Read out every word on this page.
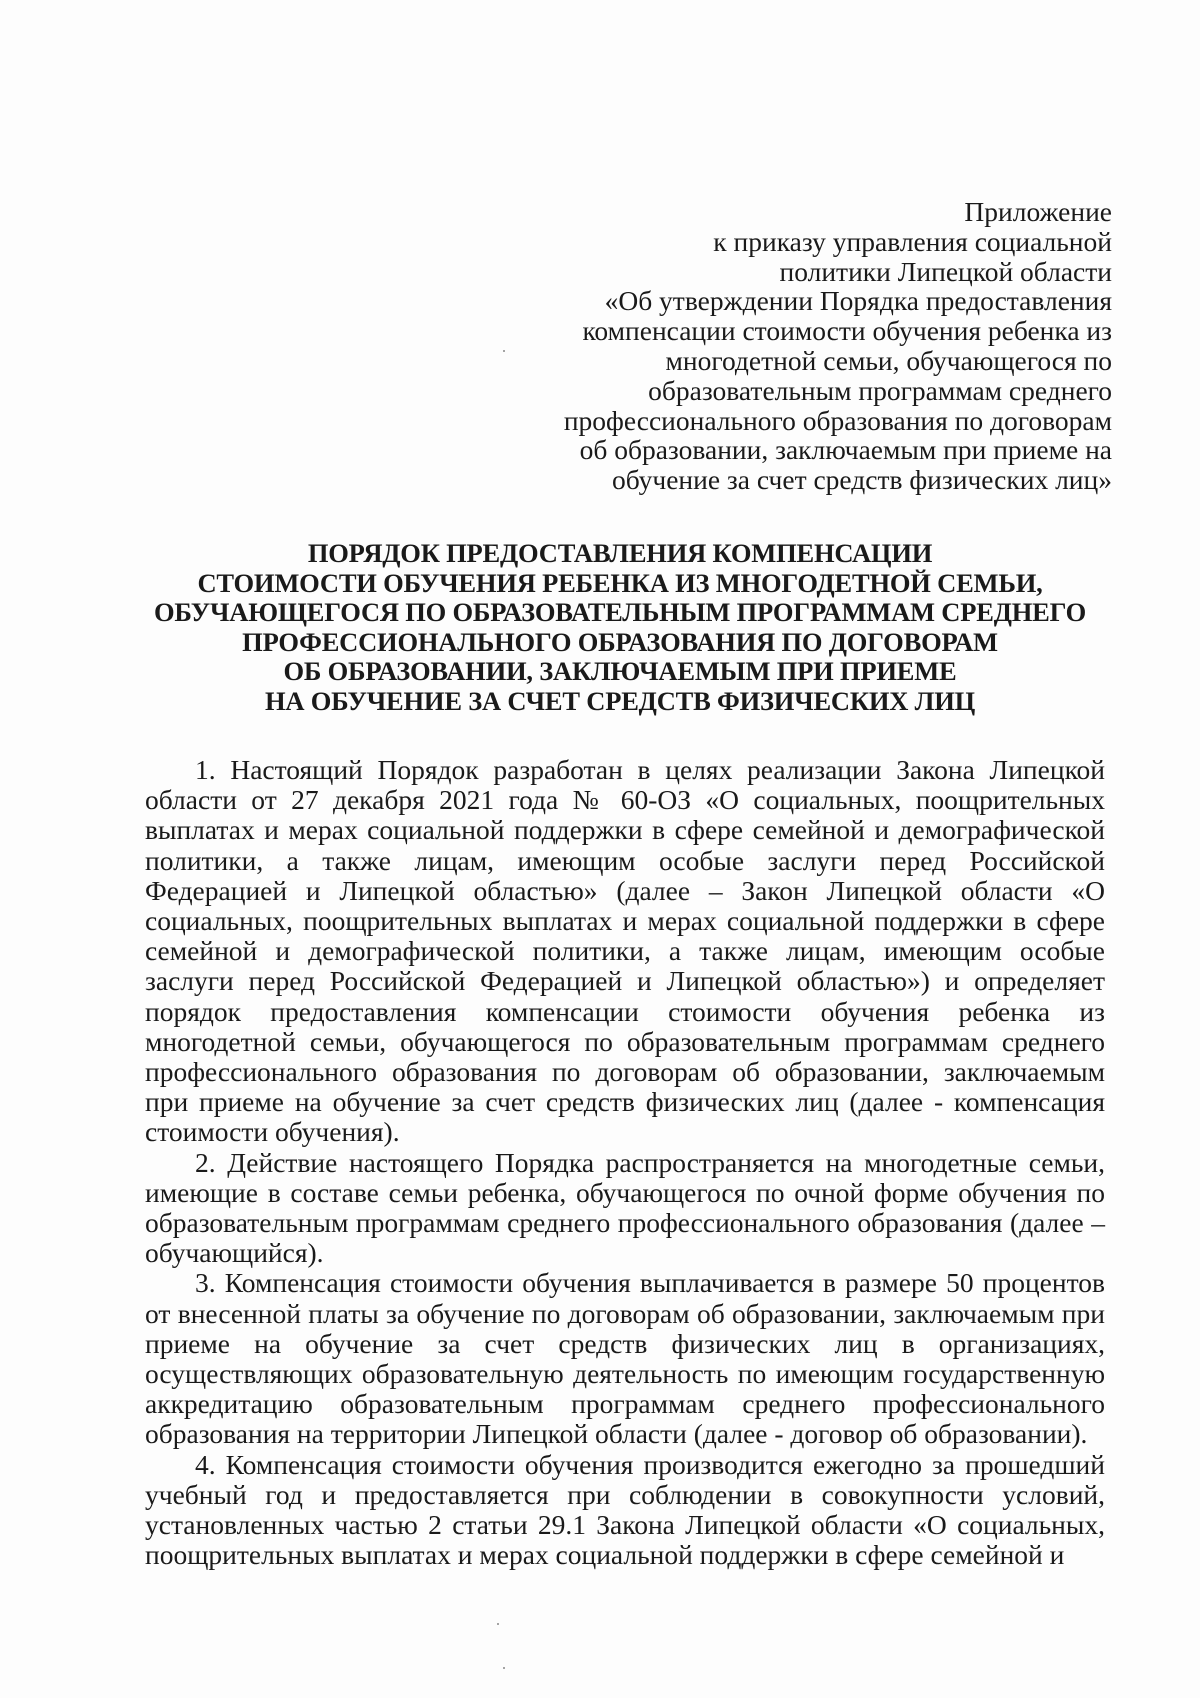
Приложение
к приказу управления социальной
политики Липецкой области
«Об утверждении Порядка предоставления
компенсации стоимости обучения ребенка из
многодетной семьи, обучающегося по
образовательным программам среднего
профессионального образования по договорам
об образовании, заключаемым при приеме на
обучение за счет средств физических лиц»
ПОРЯДОК ПРЕДОСТАВЛЕНИЯ КОМПЕНСАЦИИ
СТОИМОСТИ ОБУЧЕНИЯ РЕБЕНКА ИЗ МНОГОДЕТНОЙ СЕМЬИ,
ОБУЧАЮЩЕГОСЯ ПО ОБРАЗОВАТЕЛЬНЫМ ПРОГРАММАМ СРЕДНЕГО
ПРОФЕССИОНАЛЬНОГО ОБРАЗОВАНИЯ ПО ДОГОВОРАМ
ОБ ОБРАЗОВАНИИ, ЗАКЛЮЧАЕМЫМ ПРИ ПРИЕМЕ
НА ОБУЧЕНИЕ ЗА СЧЕТ СРЕДСТВ ФИЗИЧЕСКИХ ЛИЦ

1. Настоящий Порядок разработан в целях реализации Закона Липецкой области от 27 декабря 2021 года № 60-ОЗ «О социальных, поощрительных выплатах и мерах социальной поддержки в сфере семейной и демографической политики, а также лицам, имеющим особые заслуги перед Российской Федерацией и Липецкой областью» (далее – Закон Липецкой области «О социальных, поощрительных выплатах и мерах социальной поддержки в сфере семейной и демографической политики, а также лицам, имеющим особые заслуги перед Российской Федерацией и Липецкой областью») и определяет порядок предоставления компенсации стоимости обучения ребенка из многодетной семьи, обучающегося по образовательным программам среднего профессионального образования по договорам об образовании, заключаемым при приеме на обучение за счет средств физических лиц (далее - компенсация стоимости обучения).

2. Действие настоящего Порядка распространяется на многодетные семьи, имеющие в составе семьи ребенка, обучающегося по очной форме обучения по образовательным программам среднего профессионального образования (далее – обучающийся).

3. Компенсация стоимости обучения выплачивается в размере 50 процентов от внесенной платы за обучение по договорам об образовании, заключаемым при приеме на обучение за счет средств физических лиц в организациях, осуществляющих образовательную деятельность по имеющим государственную аккредитацию образовательным программам среднего профессионального образования на территории Липецкой области (далее - договор об образовании).

4. Компенсация стоимости обучения производится ежегодно за прошедший учебный год и предоставляется при соблюдении в совокупности условий, установленных частью 2 статьи 29.1 Закона Липецкой области «О социальных, поощрительных выплатах и мерах социальной поддержки в сфере семейной и
